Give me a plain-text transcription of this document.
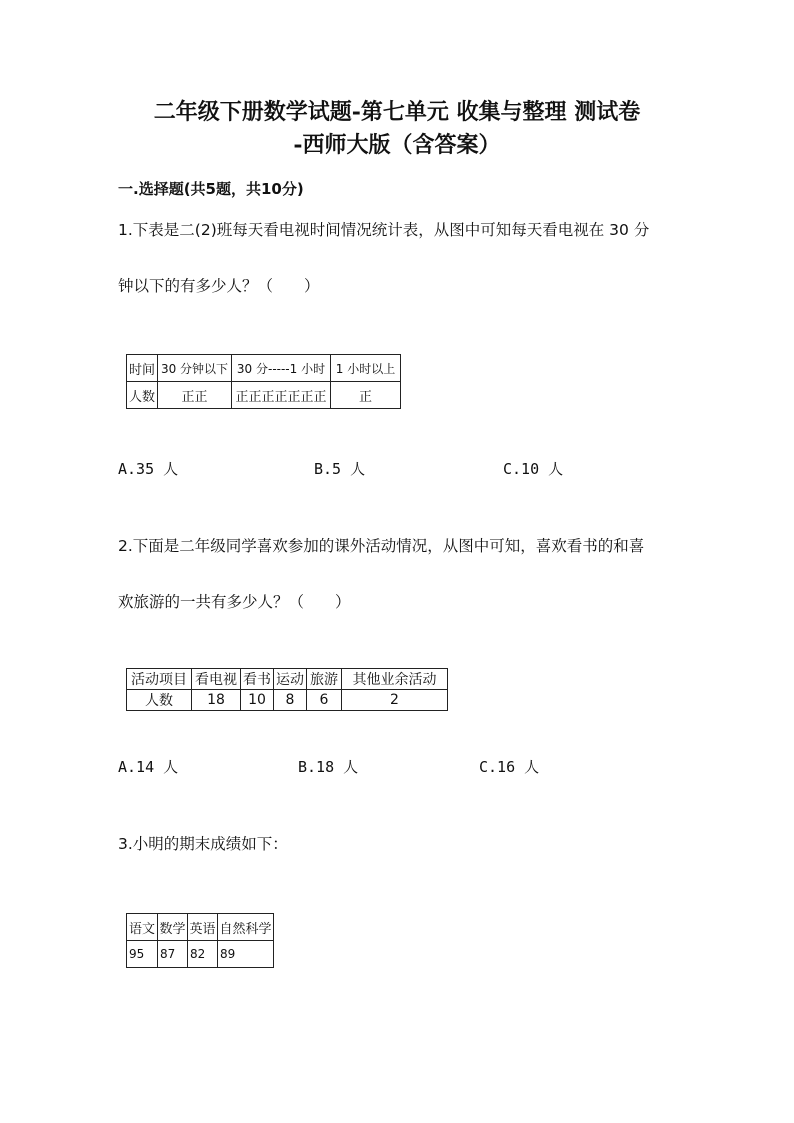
二年级下册数学试题-第七单元 收集与整理 测试卷
-西师大版（含答案）
一.选择题(共5题，共10分)
1.下表是二(2)班每天看电视时间情况统计表，从图中可知每天看电视在 30 分
钟以下的有多少人？（　　）
时间	30 分钟以下	30 分-----1 小时	1 小时以上
人数	正正	正正正正正正正	正
A.35 人	B.5 人	C.10 人
2.下面是二年级同学喜欢参加的课外活动情况，从图中可知，喜欢看书的和喜
欢旅游的一共有多少人？（　　）
活动项目	看电视	看书	运动	旅游	其他业余活动
人数	18	10	8	6	2
A.14 人	B.18 人	C.16 人
3.小明的期末成绩如下：
语文	数学	英语	自然科学
95	87	82	89
